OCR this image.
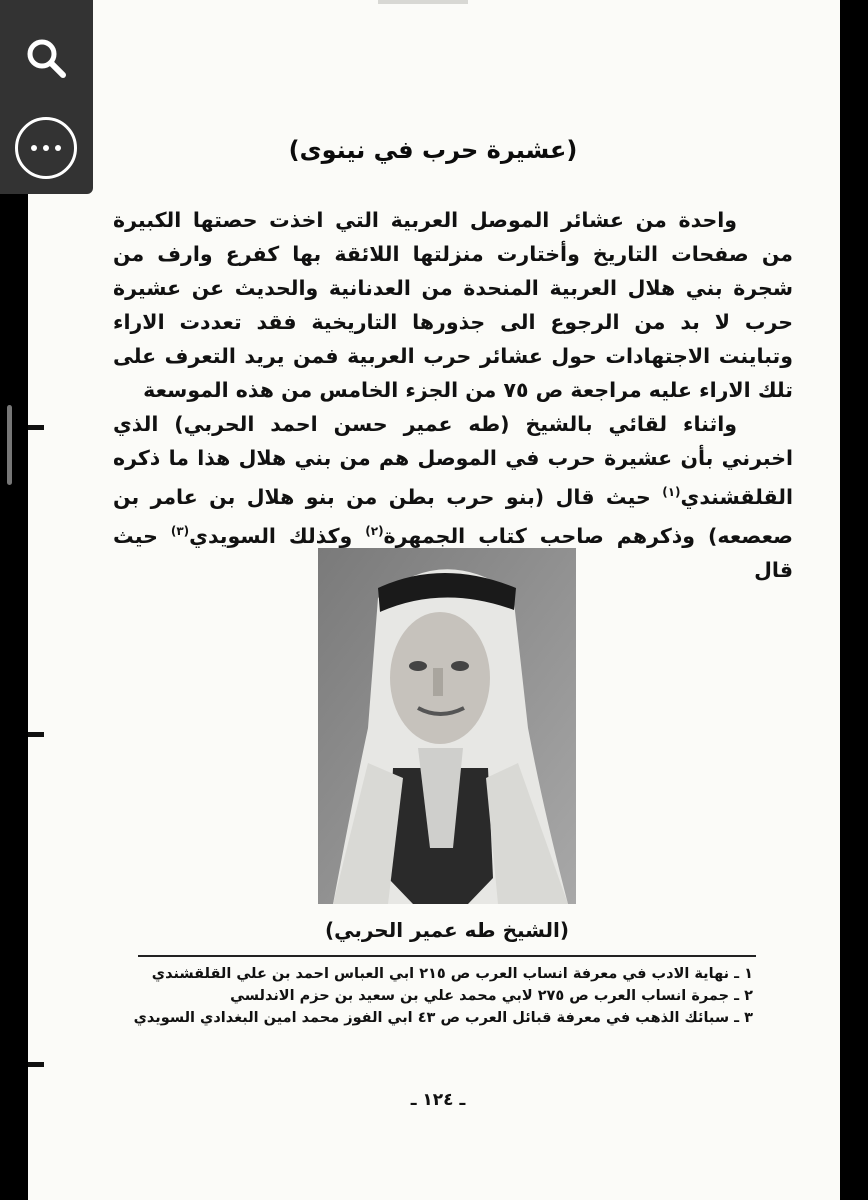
(عشيرة حرب في نينوى)

واحدة من عشائر الموصل العربية التي اخذت حصتها الكبيرة من صفحات التاريخ وأختارت منزلتها اللائقة بها كفرع وارف من شجرة بني هلال العربية المنحدة من العدنانية والحديث عن عشيرة حرب لا بد من الرجوع الى جذورها التاريخية فقد تعددت الاراء وتباينت الاجتهادات حول عشائر حرب العربية فمن يريد التعرف على تلك الاراء عليه مراجعة ص ٧٥ من الجزء الخامس من هذه الموسعة

واثناء لقائي بالشيخ (طه عمير حسن احمد الحربي) الذي اخبرني بأن عشيرة حرب في الموصل هم من بني هلال هذا ما ذكره القلقشندي$^{(١)}$ حيث قال (بنو حرب بطن من بنو هلال بن عامر بن صعصعه) وذكرهم صاحب كتاب الجمهرة$^{(٢)}$ وكذلك السويدي$^{(٣)}$ حيث قال

(الشيخ طه عمير الحربي)
١ ـ نهاية الادب في معرفة انساب العرب ص ٢١٥ ابي العباس احمد بن علي القلقشندي
٢ ـ جمرة انساب العرب ص ٢٧٥ لابي محمد علي بن سعيد بن حزم الاندلسي
٣ ـ سبائك الذهب في معرفة قبائل العرب ص ٤٣ ابي الفوز محمد امين البغدادي السويدي
ـ ١٢٤ ـ
